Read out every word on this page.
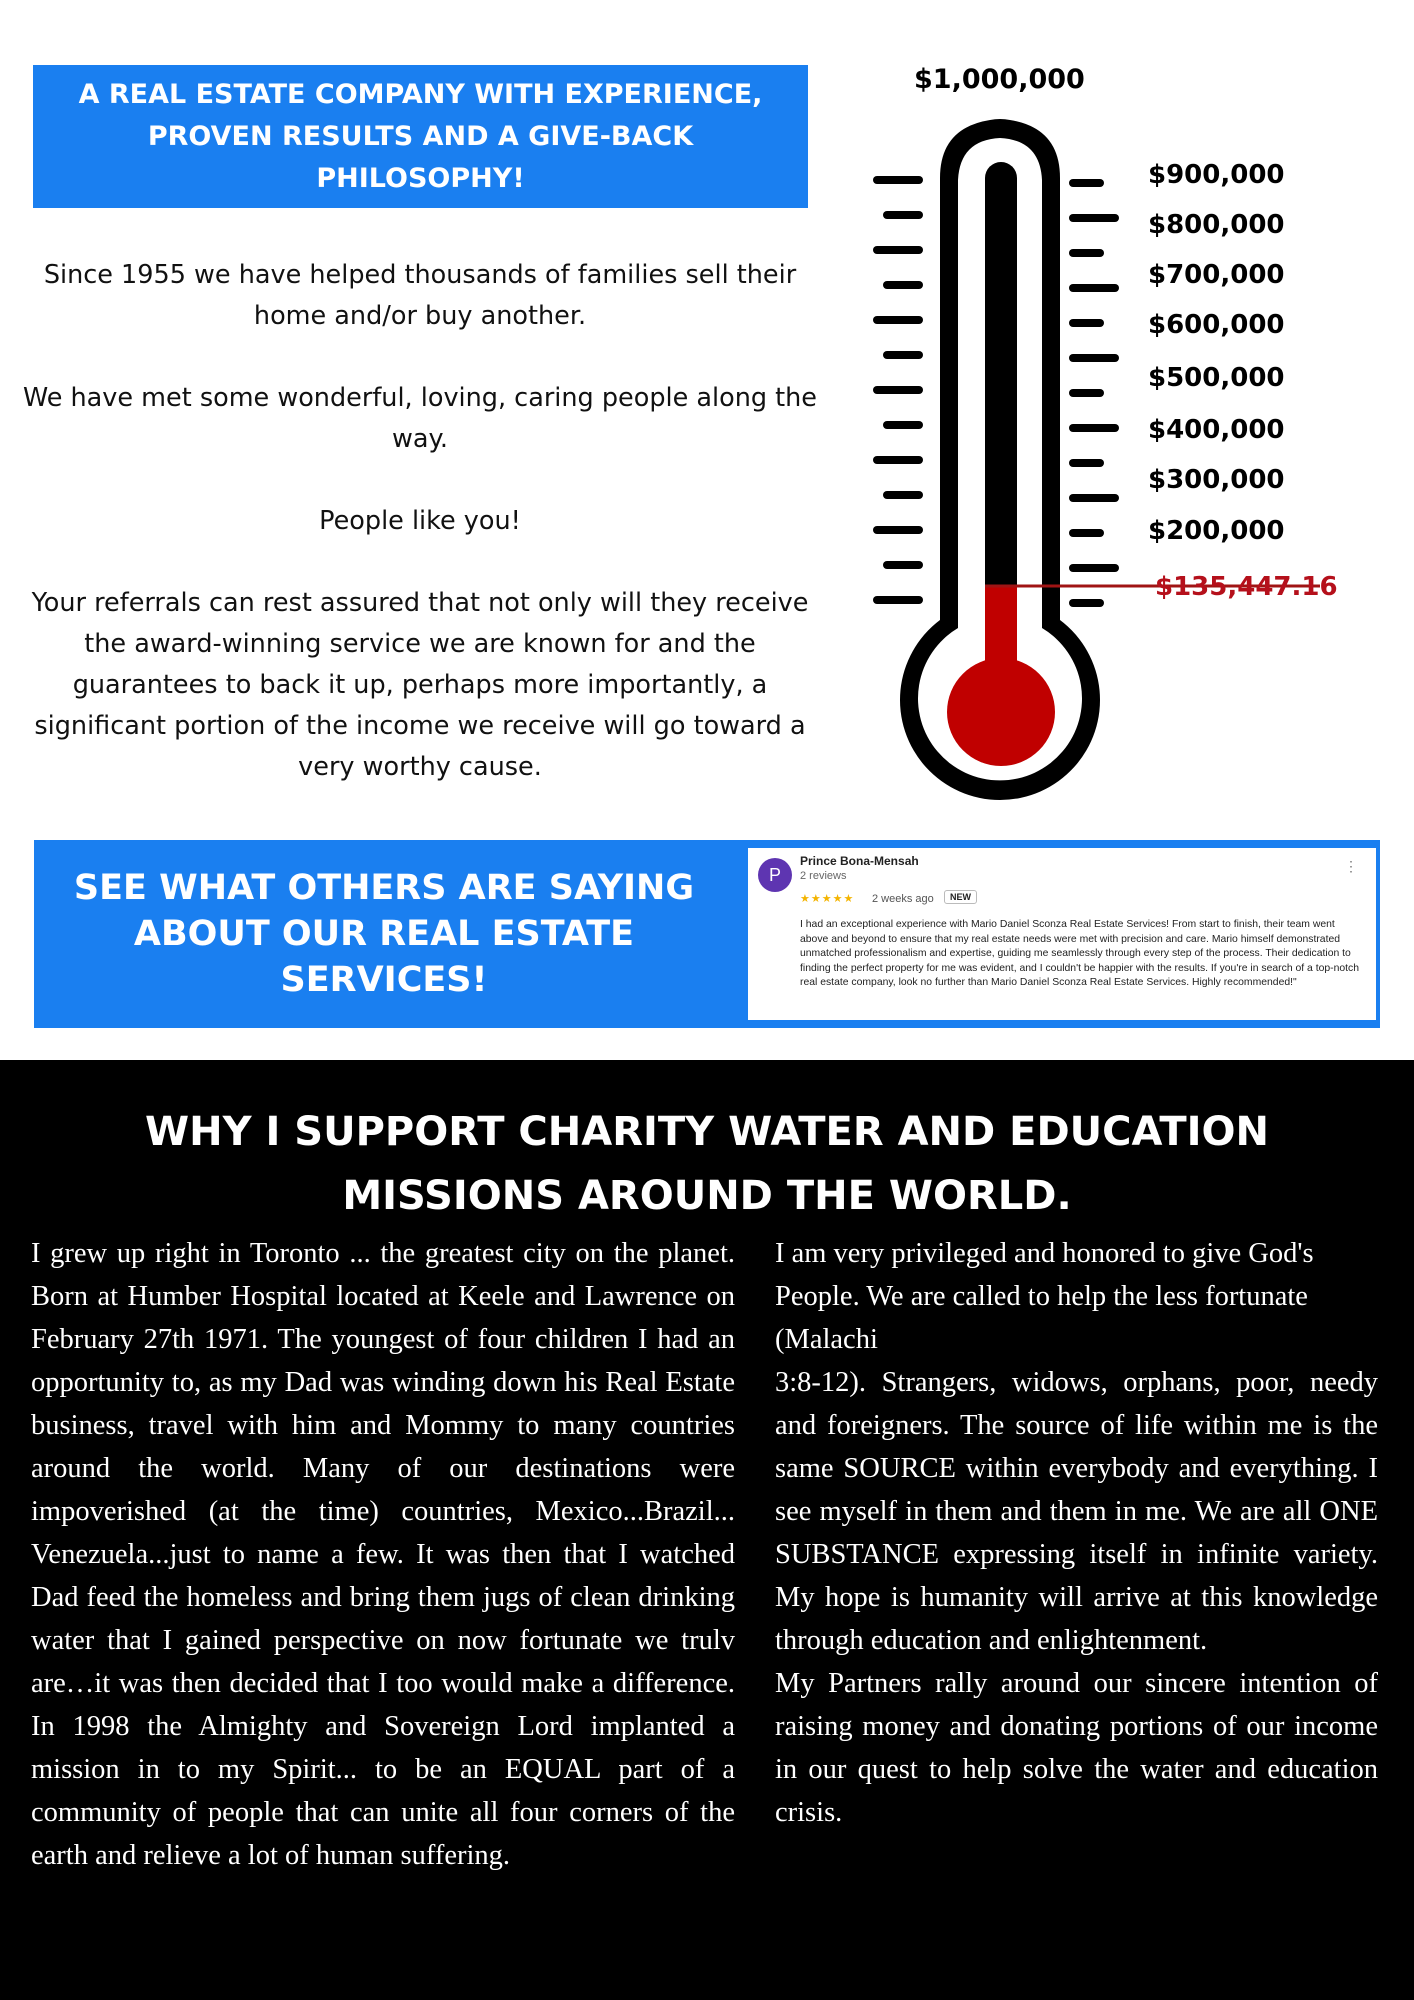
A REAL ESTATE COMPANY WITH EXPERIENCE, PROVEN RESULTS AND A GIVE-BACK PHILOSOPHY!

Since 1955 we have helped thousands of families sell their home and/or buy another.

We have met some wonderful, loving, caring people along the way.

People like you!

Your referrals can rest assured that not only will they receive the award-winning service we are known for and the guarantees to back it up, perhaps more importantly, a significant portion of the income we receive will go toward a very worthy cause.

$1,000,000
$900,000
$800,000
$700,000
$600,000
$500,000
$400,000
$300,000
$200,000
$135,447.16
SEE WHAT OTHERS ARE SAYING ABOUT OUR REAL ESTATE SERVICES!
P
Prince Bona-Mensah
2 reviews
★★★★★ 2 weeks ago	NEW
⋮
I had an exceptional experience with Mario Daniel Sconza Real Estate Services! From start to finish, their team went above and beyond to ensure that my real estate needs were met with precision and care. Mario himself demonstrated unmatched professionalism and expertise, guiding me seamlessly through every step of the process. Their dedication to finding the perfect property for me was evident, and I couldn't be happier with the results. If you're in search of a top-notch real estate company, look no further than Mario Daniel Sconza Real Estate Services. Highly recommended!"
WHY I SUPPORT CHARITY WATER AND EDUCATION MISSIONS AROUND THE WORLD.

I grew up right in Toronto ... the greatest city on the planet. Born at Humber Hospital located at Keele and Lawrence on February 27th 1971. The youngest of four children I had an opportunity to, as my Dad was winding down his Real Estate business, travel with him and Mommy to many countries around the world. Many of our destinations were impoverished (at the time) countries, Mexico...Brazil... Venezuela...just to name a few. It was then that I watched Dad feed the homeless and bring them jugs of clean drinking water that I gained perspective on now fortunate we trulv are…it was then decided that I too would make a difference. In 1998 the Almighty and Sovereign Lord implanted a mission in to my Spirit... to be an EQUAL part of a community of people that can unite all four corners of the earth and relieve a lot of human suffering.

I am very privileged and honored to give God's People. We are called to help the less fortunate (Malachi

3:8-12). Strangers, widows, orphans, poor, needy and foreigners. The source of life within me is the same SOURCE within everybody and everything. I see myself in them and them in me. We are all ONE SUBSTANCE expressing itself in infinite variety. My hope is humanity will arrive at this knowledge through education and enlightenment.

My Partners rally around our sincere intention of raising money and donating portions of our income in our quest to help solve the water and education crisis.
